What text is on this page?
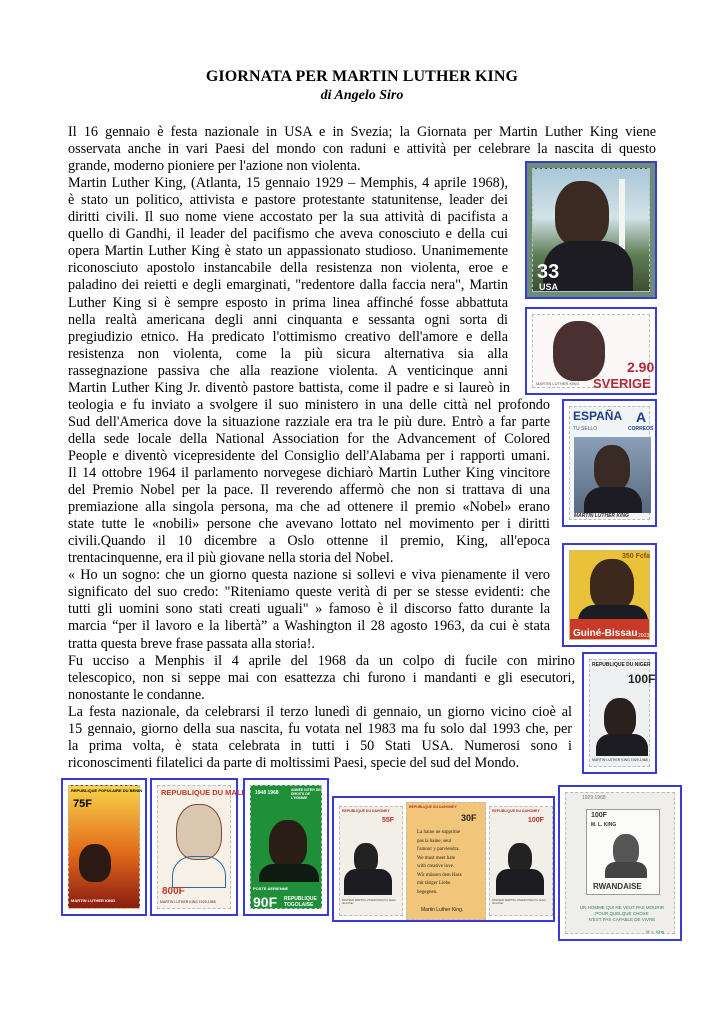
GIORNATA PER MARTIN LUTHER KING
di Angelo Siro
Il 16 gennaio è festa nazionale in USA e in Svezia; la Giornata per Martin Luther King viene
osservata anche in vari Paesi del mondo con raduni e attività per celebrare la nascita di questo
grande, moderno pioniere per l'azione non violenta.
Martin Luther King, (Atlanta, 15 gennaio 1929 – Memphis, 4 aprile 1968),
è stato un politico, attivista e pastore protestante statunitense, leader dei
diritti civili. Il suo nome viene accostato per la sua attività di pacifista a
quello di Gandhi, il leader del pacifismo che aveva conosciuto e della cui
opera Martin Luther King è stato un appassionato studioso. Unanimemente
riconosciuto apostolo instancabile della resistenza non violenta, eroe e
paladino dei reietti e degli emarginati, "redentore dalla faccia nera", Martin
Luther King si è sempre esposto in prima linea affinché fosse abbattuta
nella realtà americana degli anni cinquanta e sessanta ogni sorta di
pregiudizio etnico. Ha predicato l'ottimismo creativo dell'amore e della
resistenza non violenta, come la più sicura alternativa sia alla
rassegnazione passiva che alla reazione violenta. A venticinque anni
Martin Luther King Jr. diventò pastore battista, come il padre e si laureò in
teologia e fu inviato a svolgere il suo ministero in una delle città nel profondo
Sud dell'America dove la situazione razziale era tra le più dure. Entrò a far parte
della sede locale della National Association for the Advancement of Colored
People e diventò vicepresidente del Consiglio dell'Alabama per i rapporti umani.
Il 14 ottobre 1964 il parlamento norvegese dichiarò Martin Luther King vincitore
del Premio Nobel per la pace. Il reverendo affermò che non si trattava di una
premiazione alla singola persona, ma che ad ottenere il premio «Nobel» erano
state tutte le «nobili» persone che avevano lottato nel movimento per i diritti
civili.Quando il 10 dicembre a Oslo ottenne il premio, King, all'epoca
trentacinquenne, era il più giovane nella storia del Nobel.
« Ho un sogno: che un giorno questa nazione si sollevi e viva pienamente il vero
significato del suo credo: "Riteniamo queste verità di per se stesse evidenti: che
tutti gli uomini sono stati creati uguali" » famoso è il discorso fatto durante la
marcia “per il lavoro e la libertà” a Washington il 28 agosto 1963, da cui è stata
tratta questa breve frase passata alla storia!.
Fu ucciso a Menphis il 4 aprile del 1968 da un colpo di fucile con mirino
telescopico, non si seppe mai con esattezza chi furono i mandanti e gli esecutori,
nonostante le condanne.
La festa nazionale, da celebrarsi il terzo lunedì di gennaio, un giorno vicino cioè al
15 gennaio, giorno della sua nascita, fu votata nel 1983 ma fu solo dal 1993 che, per
la prima volta, è stata celebrata in tutti i 50 Stati USA. Numerosi sono i
riconoscimenti filatelici da parte di moltissimi Paesi, specie del sud del Mondo.
33
USA
2.90
SVERIGE
MARTIN LUTHER KING
ESPAÑA A
TU SELLO	CORREOS
MARTIN LUTHER KING
350 Fcfa
Guiné-Bissau 2003
REPUBLIQUE DU NIGER
100F
MARTIN LUTHER KING 1929-1968
REPUBLIQUE POPULAIRE DU BENIN
75F
MARTIN LUTHER KING
REPUBLIQUE DU MALI
800F
MARTIN LUTHER KING 1929-1968
1948 1968	ANNEE INTER DES DROITS DE L'HOMME
POSTE AERIENNE
90F REPUBLIQUE TOGOLAISE
REPUBLIQUE DU DAHOMEY
55F
PASTEUR MARTIN LUTHER KING Prix Nobel de la Paix
REPUBLIQUE DU DAHOMEY
30F
La haine ne supprime
pas la haine, seul
l'amour y parviendra.
We must meet hate
with creative love.
Wir müssen dem Hass
mit tätiger Liebe
begegnen.
Martin Luther King.
REPUBLIQUE DU DAHOMEY
100F
PASTEUR MARTIN LUTHER KING Prix Nobel de la Paix
1929 1968
100F
M. L. KING
RWANDAISE
UN HOMME QUI NE VEUT PAS MOURIR
POUR QUELQUE CHOSE
N'EST PAS CAPABLE DE VIVRE
M. L. King
